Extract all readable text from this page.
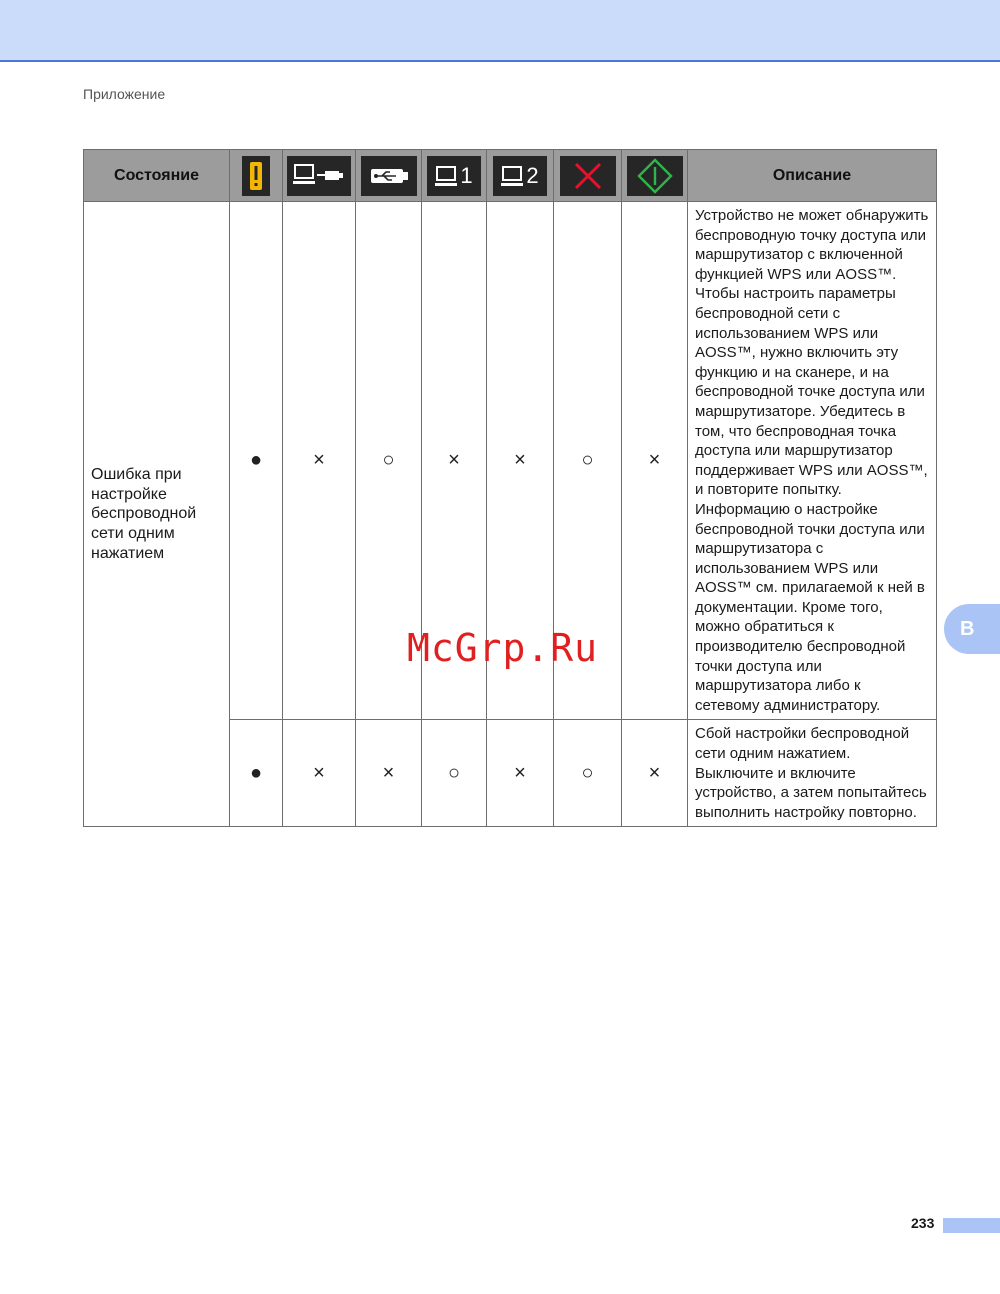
Приложение
Состояние				1	2			Описание
Ошибка при настройке беспроводной сети одним нажатием	●	×	○	×	×	○	×	Устройство не может обнаружить беспроводную точку доступа или маршрутизатор с включенной функцией WPS или AOSS™. Чтобы настроить параметры беспроводной сети с использованием WPS или AOSS™, нужно включить эту функцию и на сканере, и на беспроводной точке доступа или маршрутизаторе. Убедитесь в том, что беспроводная точка доступа или маршрутизатор поддерживает WPS или AOSS™, и повторите попытку. Информацию о настройке беспроводной точки доступа или маршрутизатора с использованием WPS или AOSS™ см. прилагаемой к ней в документации. Кроме того, можно обратиться к производителю беспроводной точки доступа или маршрутизатора либо к сетевому администратору.
	●	×	×	○	×	○	×	Сбой настройки беспроводной сети одним нажатием. Выключите и включите устройство, а затем попытайтесь выполнить настройку повторно.
B
McGrp.Ru
233
